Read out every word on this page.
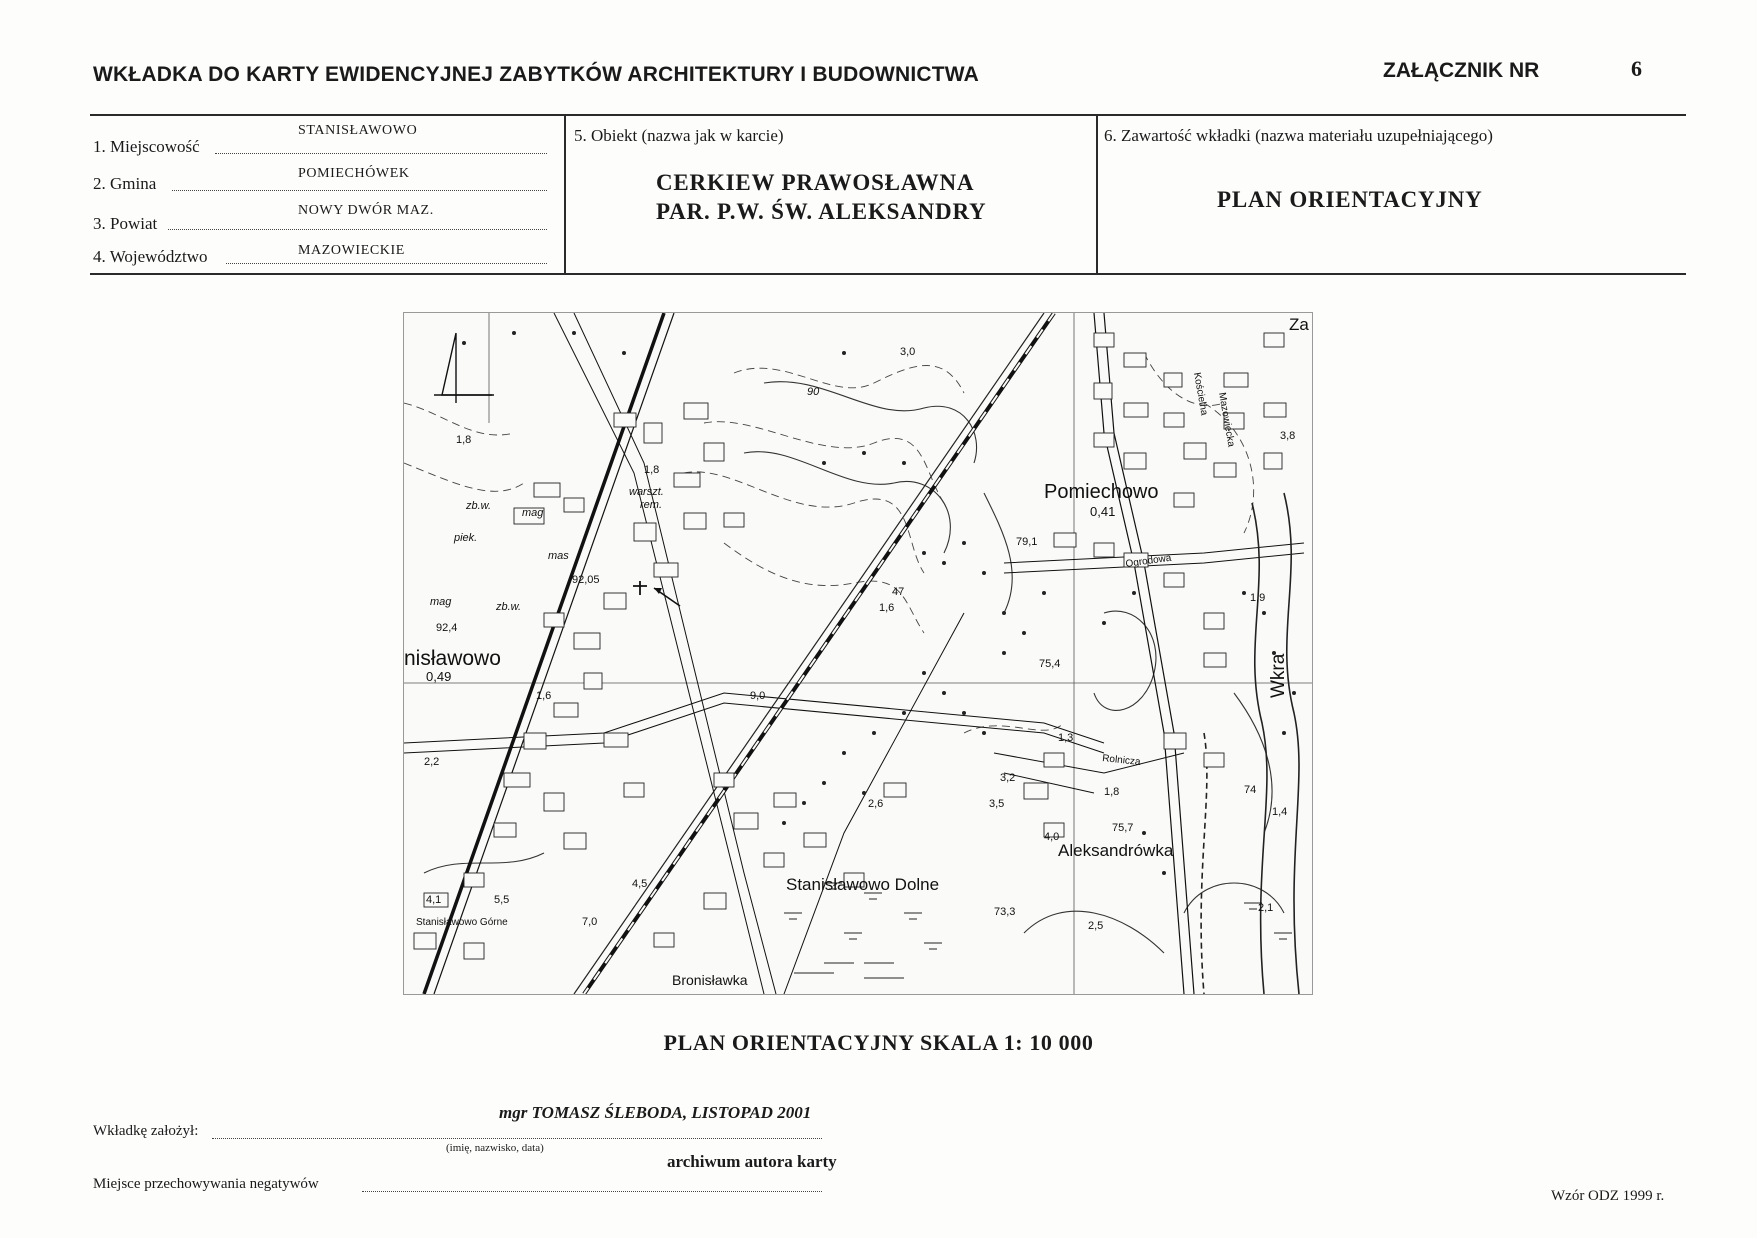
WKŁADKA DO KARTY EWIDENCYJNEJ ZABYTKÓW ARCHITEKTURY I BUDOWNICTWA	ZAŁĄCZNIK NR	6
1. Miejscowość
STANISŁAWOWO
2. Gmina
POMIECHÓWEK
3. Powiat
NOWY DWÓR MAZ.
4. Województwo	MAZOWIECKIE
5. Obiekt (nazwa jak w karcie)
CERKIEW PRAWOSŁAWNA
PAR. P.W. ŚW. ALEKSANDRY
6. Zawartość wkładki (nazwa materiału uzupełniającego)
PLAN ORIENTACYJNY
Pomiechowo
0,41
nisławowo
0,49
Aleksandrówka
Stanisławowo Dolne
Stanisławowo Górne
Bronisławka
Wkra
Za
Ogrodowa
Kościelna Mazowiecka
Rolnicza
warszt.
rem.
mag
mag
mas
piek.
zb.w.
zb.w.
92,05
92,4
79,1
75,4
75,7
73,3
90
3,0
1,8
1,8
1,8
1,6
1,6
47
3,8
1,9
2,2
5,5
4,1
7,0
4,5
2,6	3,5
3,2
4,0
2,5
2,1
1,4
74
1,3
9,0
PLAN ORIENTACYJNY SKALA 1: 10 000
Wkładkę założył:
mgr TOMASZ ŚLEBODA, LISTOPAD 2001
(imię, nazwisko, data)
archiwum autora karty
Miejsce przechowywania negatywów
Wzór ODZ 1999 r.
